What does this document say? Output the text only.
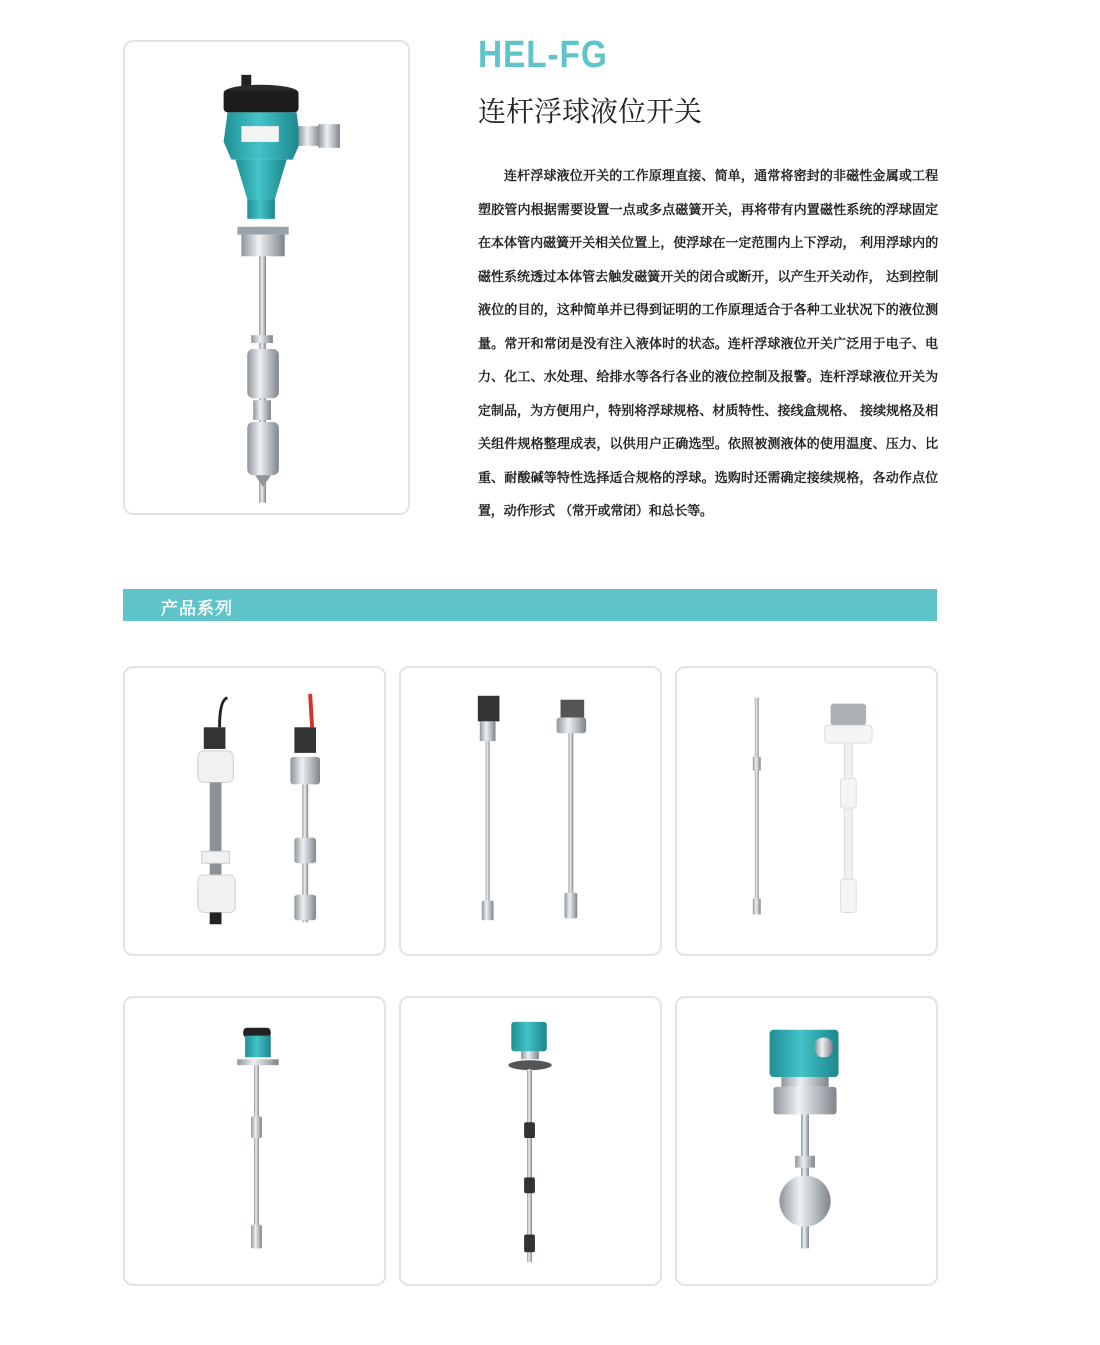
HEL-FG
连杆浮球液位开关

连杆浮球液位开关的工作原理直接、简单，通常将密封的非磁性金属或工程塑胶管内根据需要设置一点或多点磁簧开关，再将带有内置磁性系统的浮球固定在本体管内磁簧开关相关位置上，使浮球在一定范围内上下浮动， 利用浮球内的磁性系统透过本体管去触发磁簧开关的闭合或断开，以产生开关动作， 达到控制液位的目的，这种简单并已得到证明的工作原理适合于各种工业状况下的液位测量。常开和常闭是没有注入液体时的状态。连杆浮球液位开关广泛用于电子、电力、化工、水处理、给排水等各行各业的液位控制及报警。连杆浮球液位开关为定制品，为方便用户，特别将浮球规格、材质特性、接线盒规格、 接续规格及相关组件规格整理成表，以供用户正确选型。依照被测液体的使用温度、压力、比重、耐酸碱等特性选择适合规格的浮球。选购时还需确定接续规格，各动作点位置，动作形式 （常开或常闭）和总长等。

产品系列
